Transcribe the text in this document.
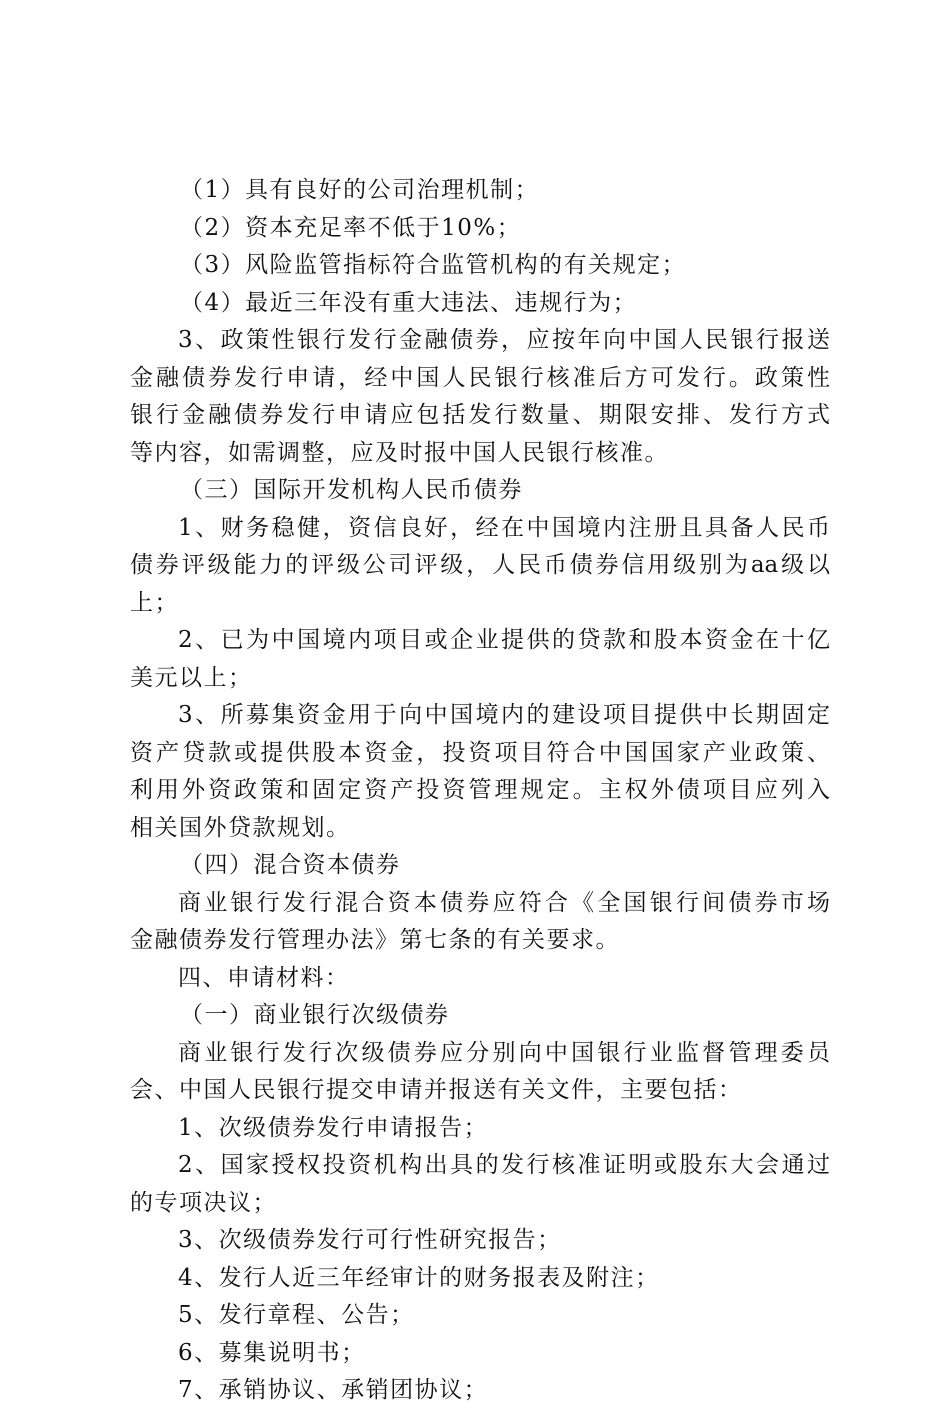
（1）具有良好的公司治理机制；
（2）资本充足率不低于10%；
（3）风险监管指标符合监管机构的有关规定；
（4）最近三年没有重大违法、违规行为；
3、政策性银行发行金融债券，应按年向中国人民银行报送
金融债券发行申请，经中国人民银行核准后方可发行。政策性
银行金融债券发行申请应包括发行数量、期限安排、发行方式
等内容，如需调整，应及时报中国人民银行核准。
（三）国际开发机构人民币债券
1、财务稳健，资信良好，经在中国境内注册且具备人民币
债券评级能力的评级公司评级，人民币债券信用级别为aa级以
上；
2、已为中国境内项目或企业提供的贷款和股本资金在十亿
美元以上；
3、所募集资金用于向中国境内的建设项目提供中长期固定
资产贷款或提供股本资金，投资项目符合中国国家产业政策、
利用外资政策和固定资产投资管理规定。主权外债项目应列入
相关国外贷款规划。
（四）混合资本债券
商业银行发行混合资本债券应符合《全国银行间债券市场
金融债券发行管理办法》第七条的有关要求。
四、申请材料：
（一）商业银行次级债券
商业银行发行次级债券应分别向中国银行业监督管理委员
会、中国人民银行提交申请并报送有关文件，主要包括：
1、次级债券发行申请报告；
2、国家授权投资机构出具的发行核准证明或股东大会通过
的专项决议；
3、次级债券发行可行性研究报告；
4、发行人近三年经审计的财务报表及附注；
5、发行章程、公告；
6、募集说明书；
7、承销协议、承销团协议；
